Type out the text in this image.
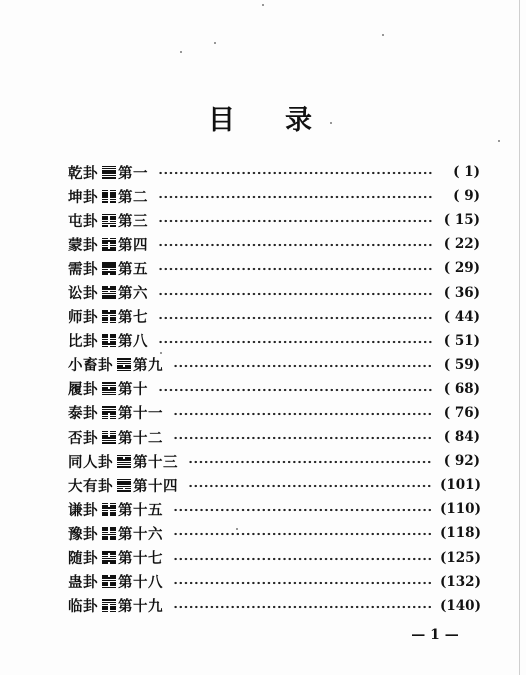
目 录
乾卦 第一	( 1)
坤卦 第二	( 9)
屯卦 第三	( 15)
蒙卦 第四	( 22)
需卦 第五	( 29)
讼卦 第六	( 36)
师卦 第七	( 44)
比卦 第八	( 51)
小畜卦 第九	( 59)
履卦 第十	( 68)
泰卦 第十一	( 76)
否卦 第十二	( 84)
同人卦 第十三	( 92)
大有卦 第十四	(101)
谦卦 第十五	(110)
豫卦 第十六	(118)
随卦 第十七	(125)
蛊卦 第十八	(132)
临卦 第十九	(140)
— 1 —
